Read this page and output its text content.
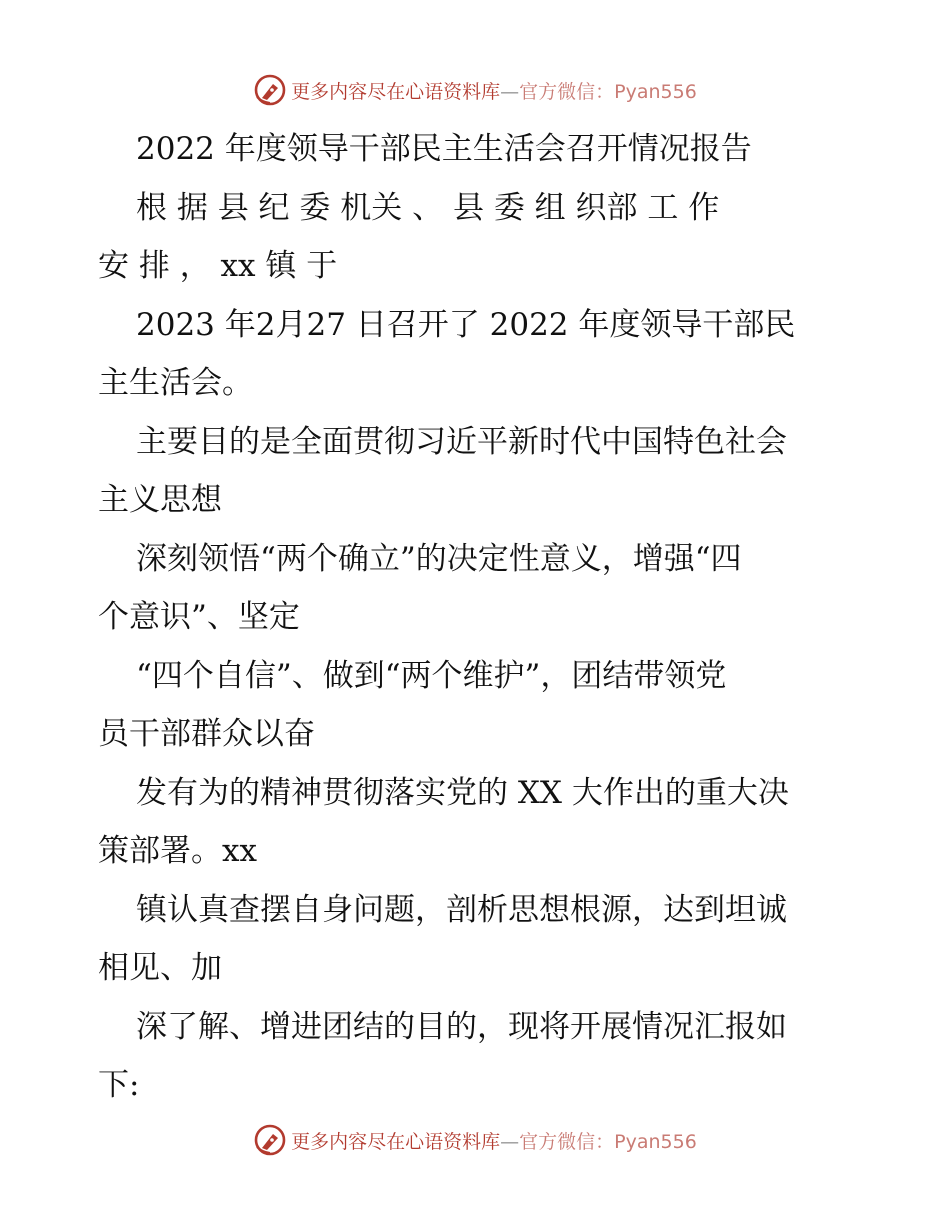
更多内容尽在心语资料库—官方微信：Pyan556
2022 年度领导干部民主生活会召开情况报告
根 据 县 纪 委 机关 、 县 委 组 织部 工 作
安 排 ， xx 镇 于
2023 年2月27 日召开了 2022 年度领导干部民
主生活会。
主要目的是全面贯彻习近平新时代中国特色社会
主义思想
深刻领悟“两个确立”的决定性意义，增强“四
个意识”、坚定
“四个自信”、做到“两个维护”，团结带领党
员干部群众以奋
发有为的精神贯彻落实党的 XX 大作出的重大决
策部署。xx
镇认真查摆自身问题，剖析思想根源，达到坦诚
相见、加
深了解、增进团结的目的，现将开展情况汇报如
下:
更多内容尽在心语资料库—官方微信：Pyan556
